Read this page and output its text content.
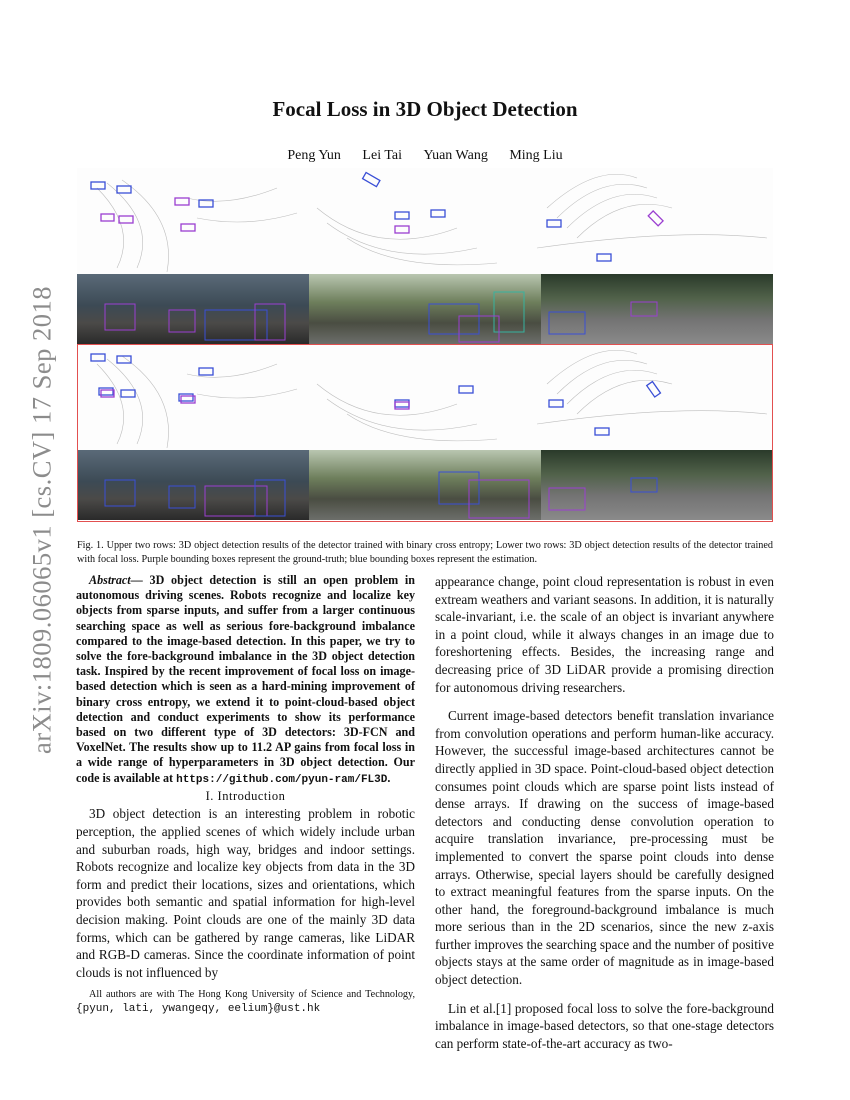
arXiv:1809.06065v1 [cs.CV] 17 Sep 2018
Focal Loss in 3D Object Detection
Peng Yun Lei Tai Yuan Wang Ming Liu
Fig. 1. Upper two rows: 3D object detection results of the detector trained with binary cross entropy; Lower two rows: 3D object detection results of the detector trained with focal loss. Purple bounding boxes represent the ground-truth; blue bounding boxes represent the estimation.
Abstract— 3D object detection is still an open problem in autonomous driving scenes. Robots recognize and localize key objects from sparse inputs, and suffer from a larger continuous searching space as well as serious fore-background imbalance compared to the image-based detection. In this paper, we try to solve the fore-background imbalance in the 3D object detection task. Inspired by the recent improvement of focal loss on image-based detection which is seen as a hard-mining improvement of binary cross entropy, we extend it to point-cloud-based object detection and conduct experiments to show its performance based on two different type of 3D detectors: 3D-FCN and VoxelNet. The results show up to 11.2 AP gains from focal loss in a wide range of hyperparameters in 3D object detection. Our code is available at https://github.com/pyun-ram/FL3D.

I. Introduction

3D object detection is an interesting problem in robotic perception, the applied scenes of which widely include urban and suburban roads, high way, bridges and indoor settings. Robots recognize and localize key objects from data in the 3D form and predict their locations, sizes and orientations, which provides both semantic and spatial information for high-level decision making. Point clouds are one of the mainly 3D data forms, which can be gathered by range cameras, like LiDAR and RGB-D cameras. Since the coordinate information of point clouds is not influenced by

All authors are with The Hong Kong University of Science and Technology, {pyun, lati, ywangeqy, eelium}@ust.hk

appearance change, point cloud representation is robust in even extream weathers and variant seasons. In addition, it is naturally scale-invariant, i.e. the scale of an object is invariant anywhere in a point cloud, while it always changes in an image due to foreshortening effects. Besides, the increasing range and decreasing price of 3D LiDAR provide a promising direction for autonomous driving researchers.

Current image-based detectors benefit translation invariance from convolution operations and perform human-like accuracy. However, the successful image-based architectures cannot be directly applied in 3D space. Point-cloud-based object detection consumes point clouds which are sparse point lists instead of dense arrays. If drawing on the success of image-based detectors and conducting dense convolution operation to acquire translation invariance, pre-processing must be implemented to convert the sparse point clouds into dense arrays. Otherwise, special layers should be carefully designed to extract meaningful features from the sparse inputs. On the other hand, the foreground-background imbalance is much more serious than in the 2D scenarios, since the new z-axis further improves the searching space and the number of positive objects stays at the same order of magnitude as in image-based object detection.

Lin et al.[1] proposed focal loss to solve the fore-background imbalance in image-based detectors, so that one-stage detectors can perform state-of-the-art accuracy as two-
